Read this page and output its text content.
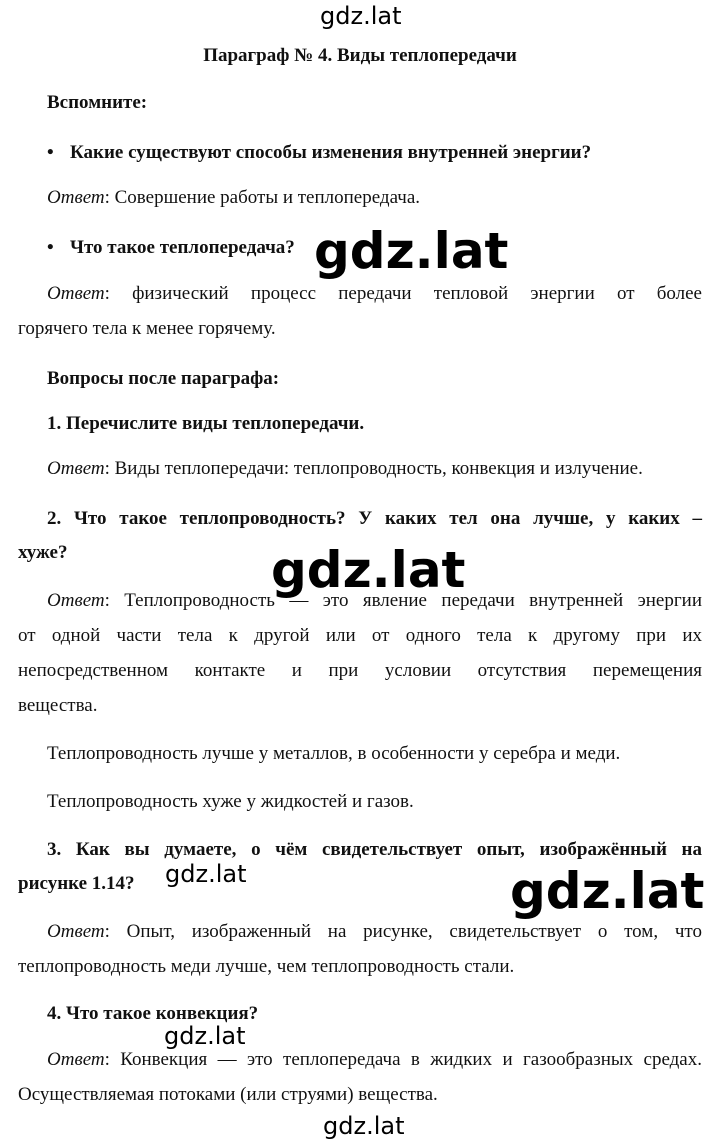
gdz.lat
gdz.lat
gdz.lat
gdz.lat	gdz.lat
gdz.lat
gdz.lat
Параграф № 4. Виды теплопередачи
Вспомните:
• Какие существуют способы изменения внутренней энергии?
Ответ: Совершение работы и теплопередача.
• Что такое теплопередача?
Ответ: физический процесс передачи тепловой энергии от более
горячего тела к менее горячему.
Вопросы после параграфа:
1. Перечислите виды теплопередачи.
Ответ: Виды теплопередачи: теплопроводность, конвекция и излучение.
2. Что такое теплопроводность? У каких тел она лучше, у каких –
хуже?
Ответ: Теплопроводность — это явление передачи внутренней энергии
от одной части тела к другой или от одного тела к другому при их
непосредственном контакте и при условии отсутствия перемещения
вещества.
Теплопроводность лучше у металлов, в особенности у серебра и меди.
Теплопроводность хуже у жидкостей и газов.
3. Как вы думаете, о чём свидетельствует опыт, изображённый на
рисунке 1.14?
Ответ: Опыт, изображенный на рисунке, свидетельствует о том, что
теплопроводность меди лучше, чем теплопроводность стали.
4. Что такое конвекция?
Ответ: Конвекция — это теплопередача в жидких и газообразных средах.
Осуществляемая потоками (или струями) вещества.
